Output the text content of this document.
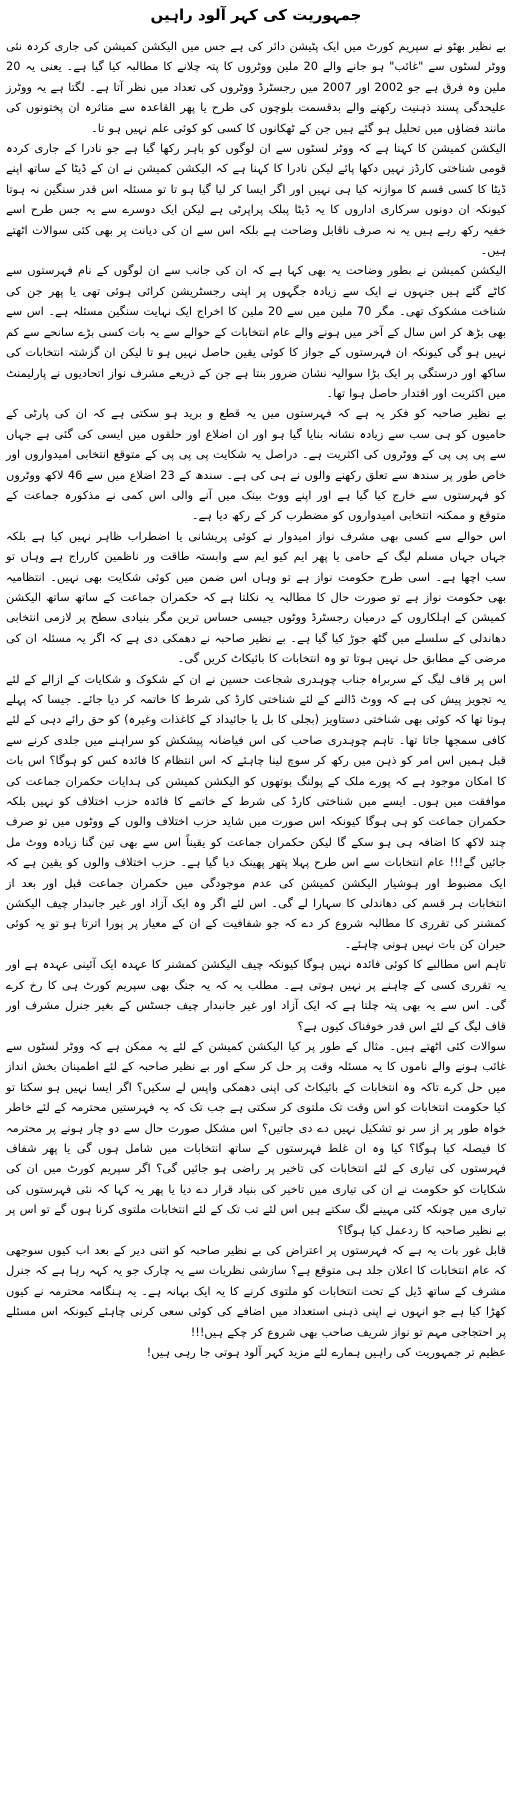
جمہوریت کی کہر آلود راہیں

بے نظیر بھٹو نے سپریم کورٹ میں ایک پٹیشن دائر کی ہے جس میں الیکشن کمیشن کی جاری کردہ نئی ووٹر لسٹوں سے "غائب" ہو جانے والے 20 ملین ووٹروں کا پتہ چلانے کا مطالبہ کیا گیا ہے۔ یعنی یہ 20 ملین وہ فرق ہے جو 2002 اور 2007 میں رجسٹرڈ ووٹروں کی تعداد میں نظر آتا ہے۔ لگتا ہے یہ ووٹرز علیحدگی پسند ذہنیت رکھنے والے بدقسمت بلوچوں کی طرح یا پھر القاعدہ سے متاثرہ ان پختونوں کی مانند فضاؤں میں تحلیل ہو گئے ہیں جن کے ٹھکانوں کا کسی کو کوئی علم نہیں ہو تا۔

الیکشن کمیشن کا کہنا ہے کہ ووٹر لسٹوں سے ان لوگوں کو باہر رکھا گیا ہے جو نادرا کے جاری کردہ قومی شناختی کارڈز نہیں دکھا پائے لیکن نادرا کا کہنا ہے کہ الیکشن کمیشن نے ان کے ڈیٹا کے ساتھ اپنے ڈیٹا کا کسی قسم کا موازنہ کیا ہی نہیں اور اگر ایسا کر لیا گیا ہو تا تو مسئلہ اس قدر سنگین نہ ہوتا کیونکہ ان دونوں سرکاری اداروں کا یہ ڈیٹا پبلک پراپرٹی ہے لیکن ایک دوسرے سے یہ جس طرح اسے خفیہ رکھ رہے ہیں یہ نہ صرف ناقابل وضاحت ہے بلکہ اس سے ان کی دیانت پر بھی کئی سوالات اٹھتے ہیں۔

الیکشن کمیشن نے بطور وضاحت یہ بھی کہا ہے کہ ان کی جانب سے ان لوگوں کے نام فہرستوں سے کاٹے گئے ہیں جنہوں نے ایک سے زیادہ جگہوں پر اپنی رجسٹریشن کرائی ہوئی تھی یا پھر جن کی شناخت مشکوک تھی۔ مگر 70 ملین میں سے 20 ملین کا اخراج ایک نہایت سنگین مسئلہ ہے۔ اس سے بھی بڑھ کر اس سال کے آخر میں ہونے والے عام انتخابات کے حوالے سے یہ بات کسی بڑے سانحے سے کم نہیں ہو گی کیونکہ ان فہرستوں کے جواز کا کوئی یقین حاصل نہیں ہو تا لیکن ان گزشتہ انتخابات کی ساکھ اور درستگی پر ایک بڑا سوالیہ نشان ضرور بنتا ہے جن کے ذریعے مشرف نواز اتحادیوں نے پارلیمنٹ میں اکثریت اور اقتدار حاصل ہوا تھا۔

بے نظیر صاحبہ کو فکر یہ ہے کہ فہرستوں میں یہ قطع و برید ہو سکتی ہے کہ ان کی پارٹی کے حامیوں کو ہی سب سے زیادہ نشانہ بنایا گیا ہو اور ان اضلاع اور حلقوں میں ایسی کی گئی ہے جہاں سے پی پی پی کے ووٹروں کی اکثریت ہے۔ دراصل یہ شکایت پی پی پی کے متوقع انتخابی امیدواروں اور خاص طور پر سندھ سے تعلق رکھنے والوں نے ہی کی ہے۔ سندھ کے 23 اضلاع میں سے 46 لاکھ ووٹروں کو فہرستوں سے خارج کیا گیا ہے اور اپنے ووٹ بینک میں آنے والی اس کمی نے مذکورہ جماعت کے متوقع و ممکنہ انتخابی امیدواروں کو مضطرب کر کے رکھ دیا ہے۔

اس حوالے سے کسی بھی مشرف نواز امیدوار نے کوئی پریشانی یا اضطراب ظاہر نہیں کیا ہے بلکہ جہاں جہاں مسلم لیگ کے حامی یا پھر ایم کیو ایم سے وابستہ طاقت ور ناظمین کارراج ہے وہاں تو سب اچھا ہے۔ اسی طرح حکومت نواز ہے تو وہاں اس ضمن میں کوئی شکایت بھی نہیں۔ انتظامیہ بھی حکومت نواز ہے تو صورت حال کا مطالبہ یہ نکلتا ہے کہ حکمران جماعت کے ساتھ ساتھ الیکشن کمیشن کے اہلکاروں کے درمیان رجسٹرڈ ووٹوں جیسی حساس ترین مگر بنیادی سطح پر لازمی انتخابی دھاندلی کے سلسلے میں گٹھ جوڑ کیا گیا ہے۔ بے نظیر صاحبہ نے دھمکی دی ہے کہ اگر یہ مسئلہ ان کی مرضی کے مطابق حل نہیں ہوتا تو وہ انتخابات کا بائیکاٹ کریں گی۔

اس پر قاف لیگ کے سربراہ جناب چوہدری شجاعت حسین نے ان کے شکوک و شکایات کے ازالے کے لئے یہ تجویز پیش کی ہے کہ ووٹ ڈالنے کے لئے شناختی کارڈ کی شرط کا خاتمہ کر دیا جائے۔ جیسا کہ پہلے ہوتا تھا کہ کوئی بھی شناختی دستاویز (بجلی کا بل یا جائیداد کے کاغذات وغیرہ) کو حق رائے دہی کے لئے کافی سمجھا جاتا تھا۔ تاہم چوہدری صاحب کی اس فیاضانہ پیشکش کو سراہنے میں جلدی کرنے سے قبل ہمیں اس امر کو ذہن میں رکھ کر سوچ لینا چاہئے کہ اس انتظام کا فائدہ کس کو ہوگا؟ اس بات کا امکان موجود ہے کہ پورے ملک کے پولنگ بوتھوں کو الیکشن کمیشن کی ہدایات حکمران جماعت کی موافقت میں ہوں۔ ایسے میں شناختی کارڈ کی شرط کے خاتمے کا فائدہ حزب اختلاف کو نہیں بلکہ حکمران جماعت کو ہی ہوگا کیونکہ اس صورت میں شاید حزب اختلاف والوں کے ووٹوں میں تو صرف چند لاکھ کا اضافہ ہی ہو سکے گا لیکن حکمران جماعت کو یقیناً اس سے بھی تین گنا زیادہ ووٹ مل جائیں گے!!! عام انتخابات سے اس طرح پہلا پتھر پھینک دیا گیا ہے۔ حزب اختلاف والوں کو یقین ہے کہ ایک مضبوط اور ہوشیار الیکشن کمیشن کی عدم موجودگی میں حکمران جماعت قبل اور بعد از انتخابات ہر قسم کی دھاندلی کا سہارا لے گی۔ اس لئے اگر وہ ایک آزاد اور غیر جانبدار چیف الیکشن کمشنر کی تقرری کا مطالبہ شروع کر دے کہ جو شفافیت کے ان کے معیار پر پورا اترتا ہو تو یہ کوئی حیران کن بات نہیں ہونی چاہئے۔

تاہم اس مطالبے کا کوئی فائدہ نہیں ہوگا کیونکہ چیف الیکشن کمشنر کا عہدہ ایک آئینی عہدہ ہے اور یہ تقرری کسی کے چاہنے پر نہیں ہوتی ہے۔ مطلب یہ کہ یہ جنگ بھی سپریم کورٹ ہی کا رخ کرے گی۔ اس سے یہ بھی پتہ چلتا ہے کہ ایک آزاد اور غیر جانبدار چیف جسٹس کے بغیر جنرل مشرف اور قاف لیگ کے لئے اس قدر خوفناک کیوں ہے؟

سوالات کئی اٹھتے ہیں۔ مثال کے طور پر کیا الیکشن کمیشن کے لئے یہ ممکن ہے کہ ووٹر لسٹوں سے غائب ہونے والے ناموں کا یہ مسئلہ وقت پر حل کر سکے اور بے نظیر صاحبہ کے لئے اطمینان بخش انداز میں حل کرے تاکہ وہ انتخابات کے بائیکاٹ کی اپنی دھمکی واپس لے سکیں؟ اگر ایسا نہیں ہو سکتا تو کیا حکومت انتخابات کو اس وقت تک ملتوی کر سکتی ہے جب تک کہ یہ فہرستیں محترمہ کے لئے خاطر خواہ طور پر از سر نو تشکیل نہیں دے دی جاتیں؟ اس مشکل صورت حال سے دو چار ہونے پر محترمہ کا فیصلہ کیا ہوگا؟ کیا وہ ان غلط فہرستوں کے ساتھ انتخابات میں شامل ہوں گی یا پھر شفاف فہرستوں کی تیاری کے لئے انتخابات کی تاخیر پر راضی ہو جائیں گی؟ اگر سپریم کورٹ میں ان کی شکایات کو حکومت نے ان کی تیاری میں تاخیر کی بنیاد قرار دے دیا یا پھر یہ کہا کہ نئی فہرستوں کی تیاری میں چونکہ کئی مہینے لگ سکتے ہیں اس لئے تب تک کے لئے انتخابات ملتوی کرنا ہوں گے تو اس پر بے نظیر صاحبہ کا ردعمل کیا ہوگا؟

قابل غور بات یہ ہے کہ فہرستوں پر اعتراض کی بے نظیر صاحبہ کو اتنی دیر کے بعد اب کیوں سوجھی کہ عام انتخابات کا اعلان جلد ہی متوقع ہے؟ سازشی نظریات سے یہ چارک جو یہ کہہ رہا ہے کہ جنرل مشرف کے ساتھ ڈیل کے تحت انتخابات کو ملتوی کرنے کا یہ ایک بہانہ ہے۔ یہ ہنگامہ محترمہ نے کیوں کھڑا کیا ہے جو انہوں نے اپنی ذہنی استعداد میں اضافے کی کوئی سعی کرنی چاہئے کیونکہ اس مسئلے پر احتجاجی مہم تو نواز شریف صاحب بھی شروع کر چکے ہیں!!!

عظیم تر جمہوریت کی راہیں ہمارے لئے مزید کہر آلود ہوتی جا رہی ہیں!
